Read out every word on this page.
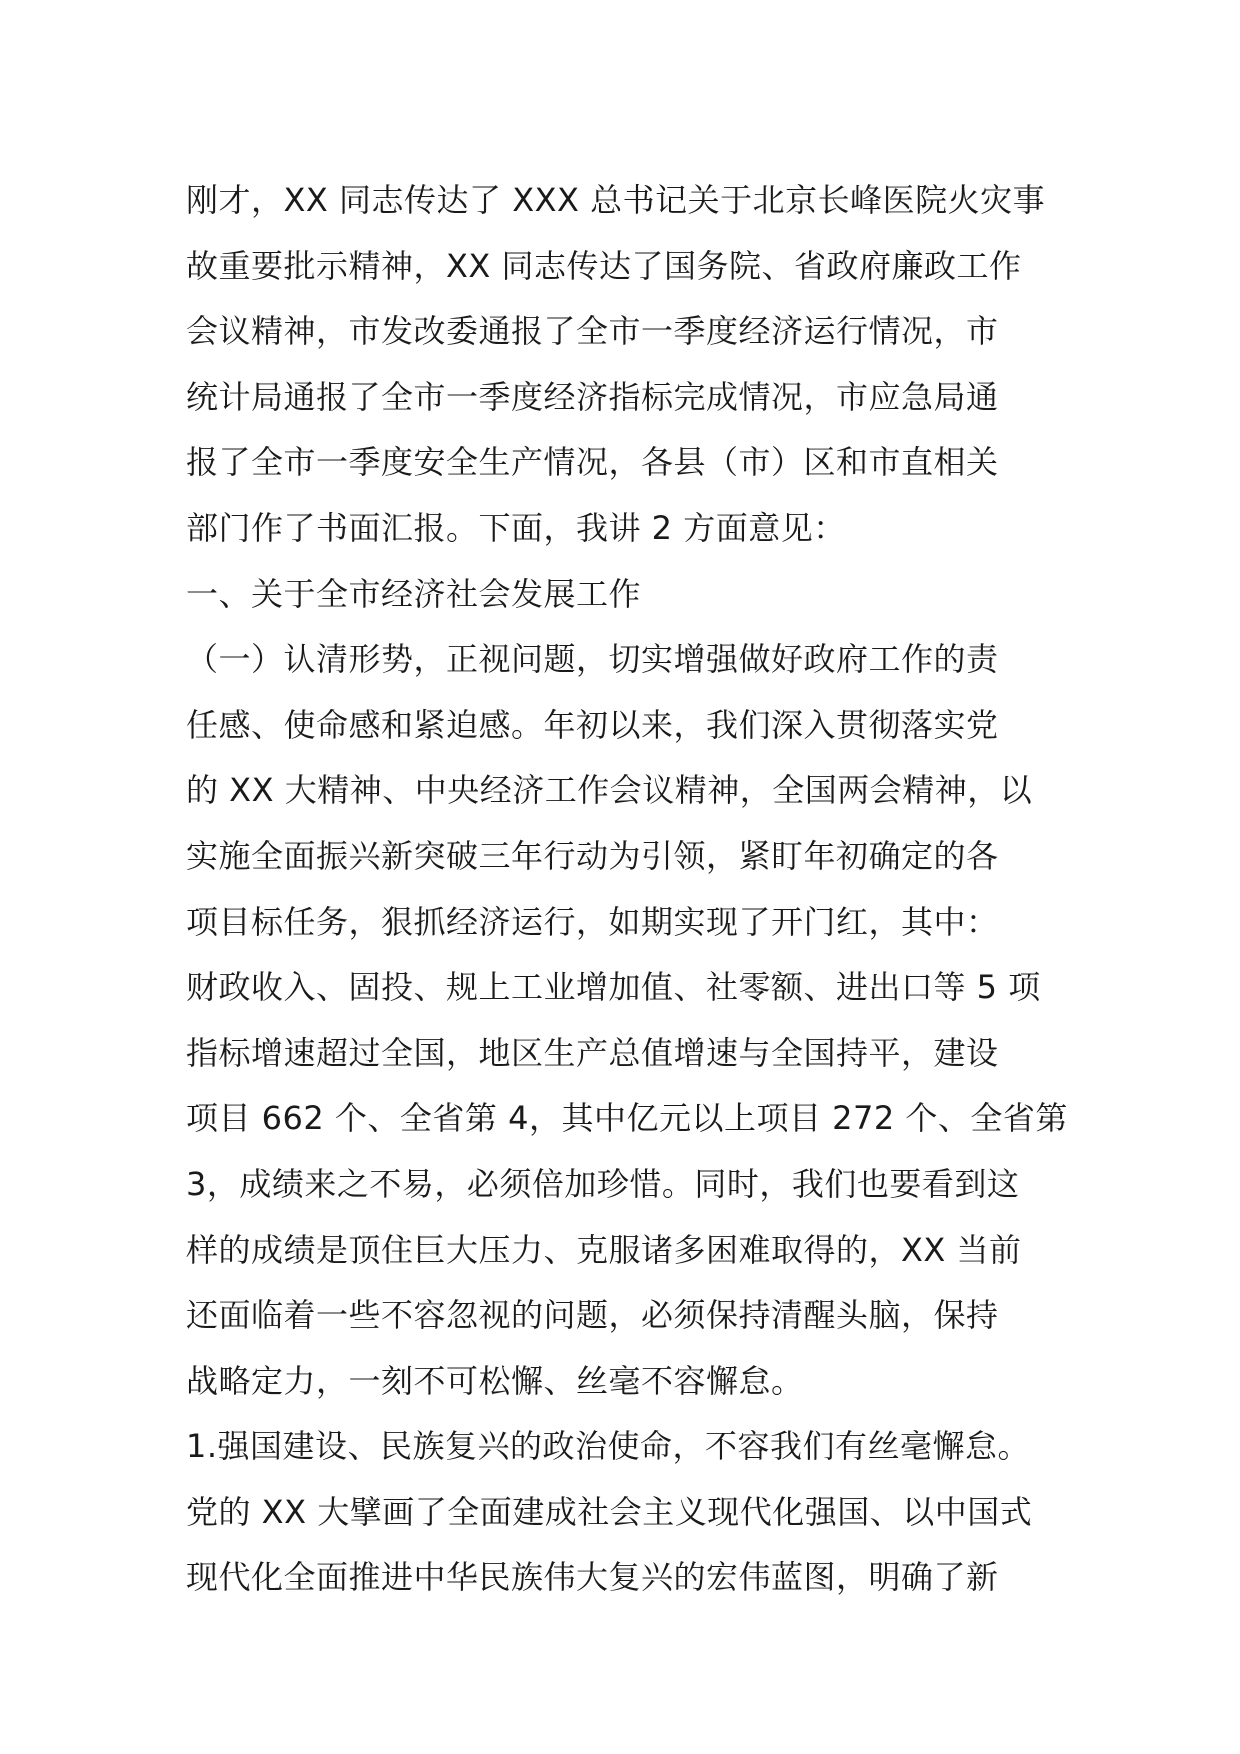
刚才，XX 同志传达了 XXX 总书记关于北京长峰医院火灾事
故重要批示精神，XX 同志传达了国务院、省政府廉政工作
会议精神，市发改委通报了全市一季度经济运行情况，市
统计局通报了全市一季度经济指标完成情况，市应急局通
报了全市一季度安全生产情况，各县（市）区和市直相关
部门作了书面汇报。下面，我讲 2 方面意见：
一、关于全市经济社会发展工作
（一）认清形势，正视问题，切实增强做好政府工作的责
任感、使命感和紧迫感。年初以来，我们深入贯彻落实党
的 XX 大精神、中央经济工作会议精神，全国两会精神，以
实施全面振兴新突破三年行动为引领，紧盯年初确定的各
项目标任务，狠抓经济运行，如期实现了开门红，其中：
财政收入、固投、规上工业增加值、社零额、进出口等 5 项
指标增速超过全国，地区生产总值增速与全国持平，建设
项目 662 个、全省第 4，其中亿元以上项目 272 个、全省第
3，成绩来之不易，必须倍加珍惜。同时，我们也要看到这
样的成绩是顶住巨大压力、克服诸多困难取得的，XX 当前
还面临着一些不容忽视的问题，必须保持清醒头脑，保持
战略定力，一刻不可松懈、丝毫不容懈怠。
1.强国建设、民族复兴的政治使命，不容我们有丝毫懈怠。
党的 XX 大擘画了全面建成社会主义现代化强国、以中国式
现代化全面推进中华民族伟大复兴的宏伟蓝图，明确了新
